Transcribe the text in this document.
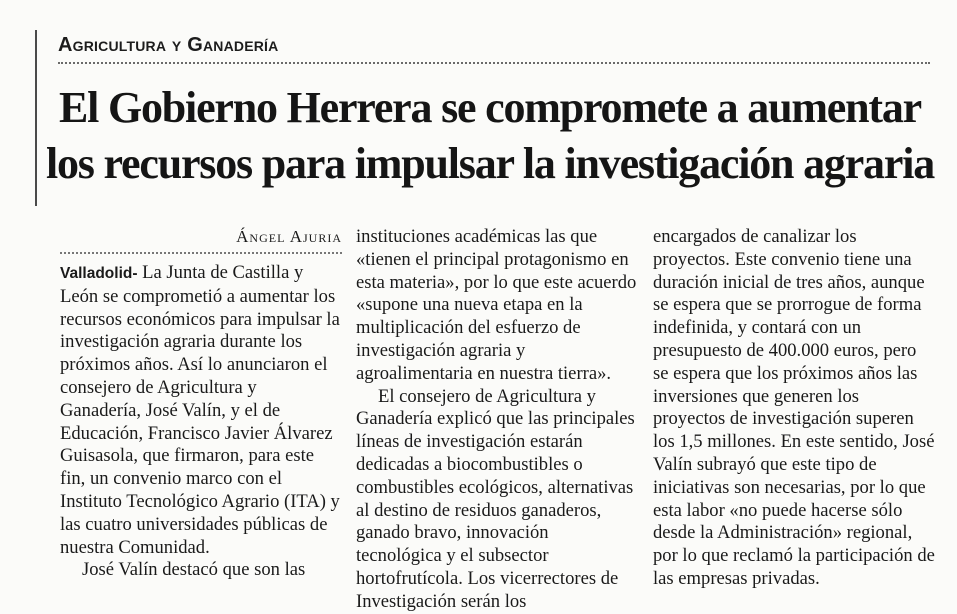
Agricultura y Ganadería
El Gobierno Herrera se compromete a aumentar
los recursos para impulsar la investigación agraria
Ángel Ajuria

Valladolid- La Junta de Castilla y León se comprometió a aumentar los recursos económicos para impulsar la investigación agraria durante los próximos años. Así lo anunciaron el consejero de Agricultura y Ganadería, José Valín, y el de Educación, Francisco Javier Álvarez Guisasola, que firmaron, para este fin, un convenio marco con el Instituto Tecnológico Agrario (ITA) y las cuatro universidades públicas de nuestra Comunidad.

José Valín destacó que son las

instituciones académicas las que «tienen el principal protagonismo en esta materia», por lo que este acuerdo «supone una nueva etapa en la multiplicación del esfuerzo de investigación agraria y agroalimentaria en nuestra tierra».

El consejero de Agricultura y Ganadería explicó que las principales líneas de investigación estarán dedicadas a biocombustibles o combustibles ecológicos, alternativas al destino de residuos ganaderos, ganado bravo, innovación tecnológica y el subsector hortofrutícola. Los vicerrectores de Investigación serán los

encargados de canalizar los proyectos. Este convenio tiene una duración inicial de tres años, aunque se espera que se prorrogue de forma indefinida, y contará con un presupuesto de 400.000 euros, pero se espera que los próximos años las inversiones que generen los proyectos de investigación superen los 1,5 millones. En este sentido, José Valín subrayó que este tipo de iniciativas son necesarias, por lo que esta labor «no puede hacerse sólo desde la Administración» regional, por lo que reclamó la participación de las empresas privadas.
